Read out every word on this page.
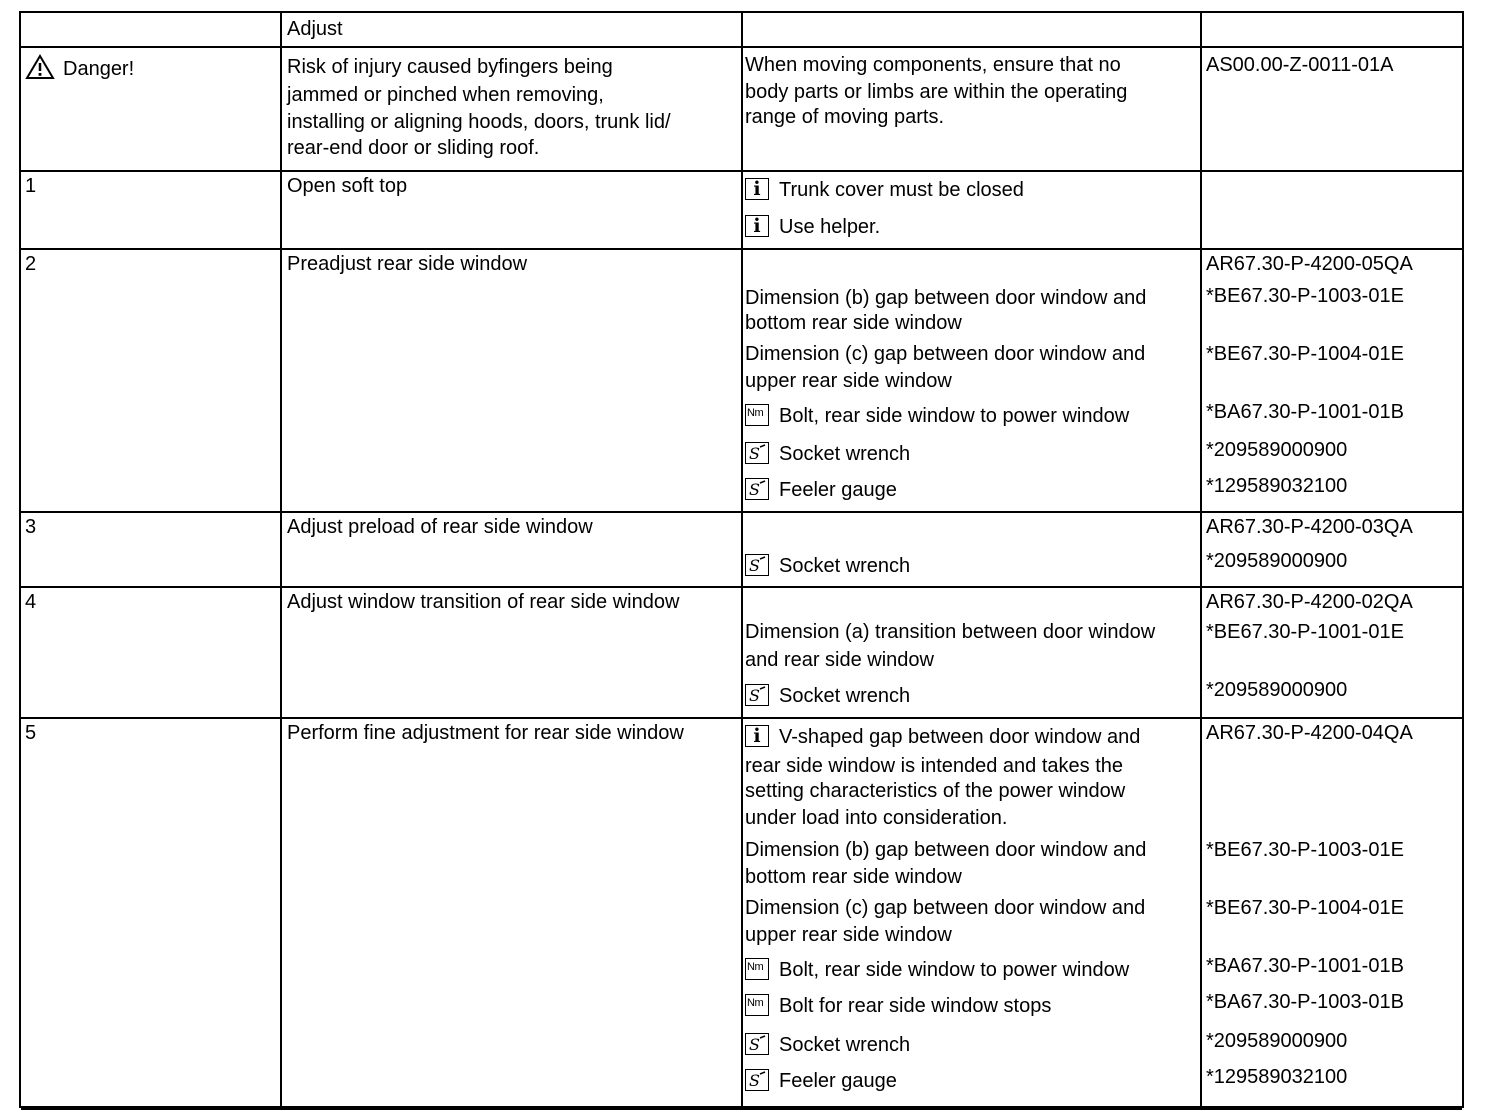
Adjust
Danger!	Risk of injury caused byfingers being
jammed or pinched when removing,
installing or aligning hoods, doors, trunk lid/
rear-end door or sliding roof.
When moving components, ensure that no
body parts or limbs are within the operating
range of moving parts.
AS00.00-Z-0011-01A
1	Open soft top
i	Trunk cover must be closed
iUse helper.
2	Preadjust rear side window	AR67.30-P-4200-05QA
Dimension (b) gap between door window and
bottom rear side window
*BE67.30-P-1003-01E
Dimension (c) gap between door window and
upper rear side window
*BE67.30-P-1004-01E
NmBolt, rear side window to power window	*BA67.30-P-1001-01B
S Socket wrench	*209589000900
S Feeler gauge	*129589032100
3	Adjust preload of rear side window	AR67.30-P-4200-03QA
S Socket wrench	*209589000900
4	Adjust window transition of rear side window	AR67.30-P-4200-02QA
Dimension (a) transition between door window
and rear side window
*BE67.30-P-1001-01E
S Socket wrench	*209589000900
5	Perform fine adjustment for rear side window	AR67.30-P-4200-04QA
iV-shaped gap between door window and
rear side window is intended and takes the
setting characteristics of the power window
under load into consideration.
Dimension (b) gap between door window and
bottom rear side window
*BE67.30-P-1003-01E
Dimension (c) gap between door window and
upper rear side window
*BE67.30-P-1004-01E
NmBolt, rear side window to power window	*BA67.30-P-1001-01B
NmBolt for rear side window stops	*BA67.30-P-1003-01B
S Socket wrench	*209589000900
S Feeler gauge	*129589032100
